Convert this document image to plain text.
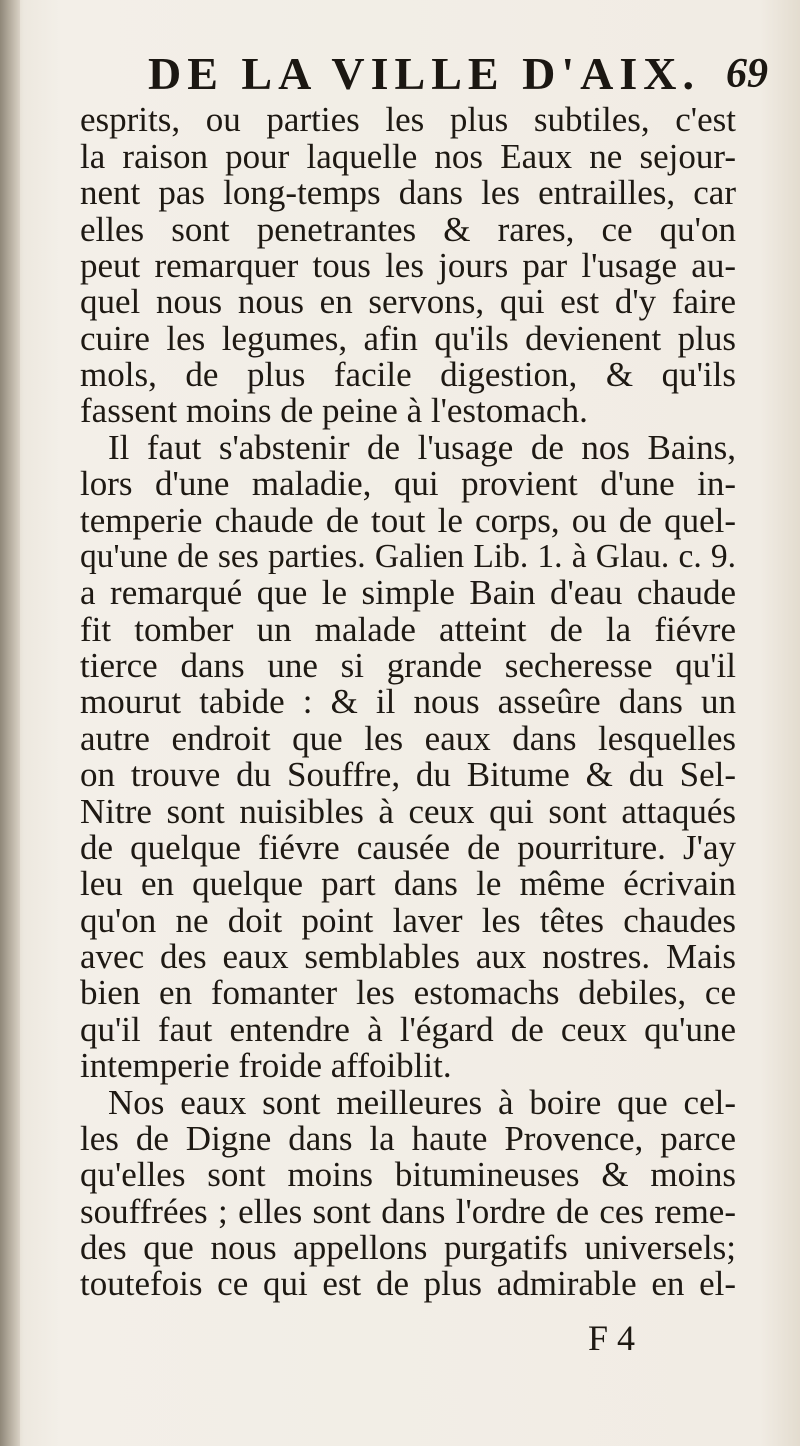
DE LA VILLE D'AIX. 69
esprits, ou parties les plus subtiles, c'est
la raison pour laquelle nos Eaux ne sejour-
nent pas long-temps dans les entrailles, car
elles sont penetrantes & rares, ce qu'on
peut remarquer tous les jours par l'usage au-
quel nous nous en servons, qui est d'y faire
cuire les legumes, afin qu'ils devienent plus
mols, de plus facile digestion, & qu'ils
fassent moins de peine à l'estomach.
Il faut s'abstenir de l'usage de nos Bains,
lors d'une maladie, qui provient d'une in-
temperie chaude de tout le corps, ou de quel-
qu'une de ses parties. Galien Lib. 1. à Glau. c. 9.
a remarqué que le simple Bain d'eau chaude
fit tomber un malade atteint de la fiévre
tierce dans une si grande secheresse qu'il
mourut tabide : & il nous asseûre dans un
autre endroit que les eaux dans lesquelles
on trouve du Souffre, du Bitume & du Sel-
Nitre sont nuisibles à ceux qui sont attaqués
de quelque fiévre causée de pourriture. J'ay
leu en quelque part dans le même écrivain
qu'on ne doit point laver les têtes chaudes
avec des eaux semblables aux nostres. Mais
bien en fomanter les estomachs debiles, ce
qu'il faut entendre à l'égard de ceux qu'une
intemperie froide affoiblit.
Nos eaux sont meilleures à boire que cel-
les de Digne dans la haute Provence, parce
qu'elles sont moins bitumineuses & moins
souffrées ; elles sont dans l'ordre de ces reme-
des que nous appellons purgatifs universels;
toutefois ce qui est de plus admirable en el-
F 4
